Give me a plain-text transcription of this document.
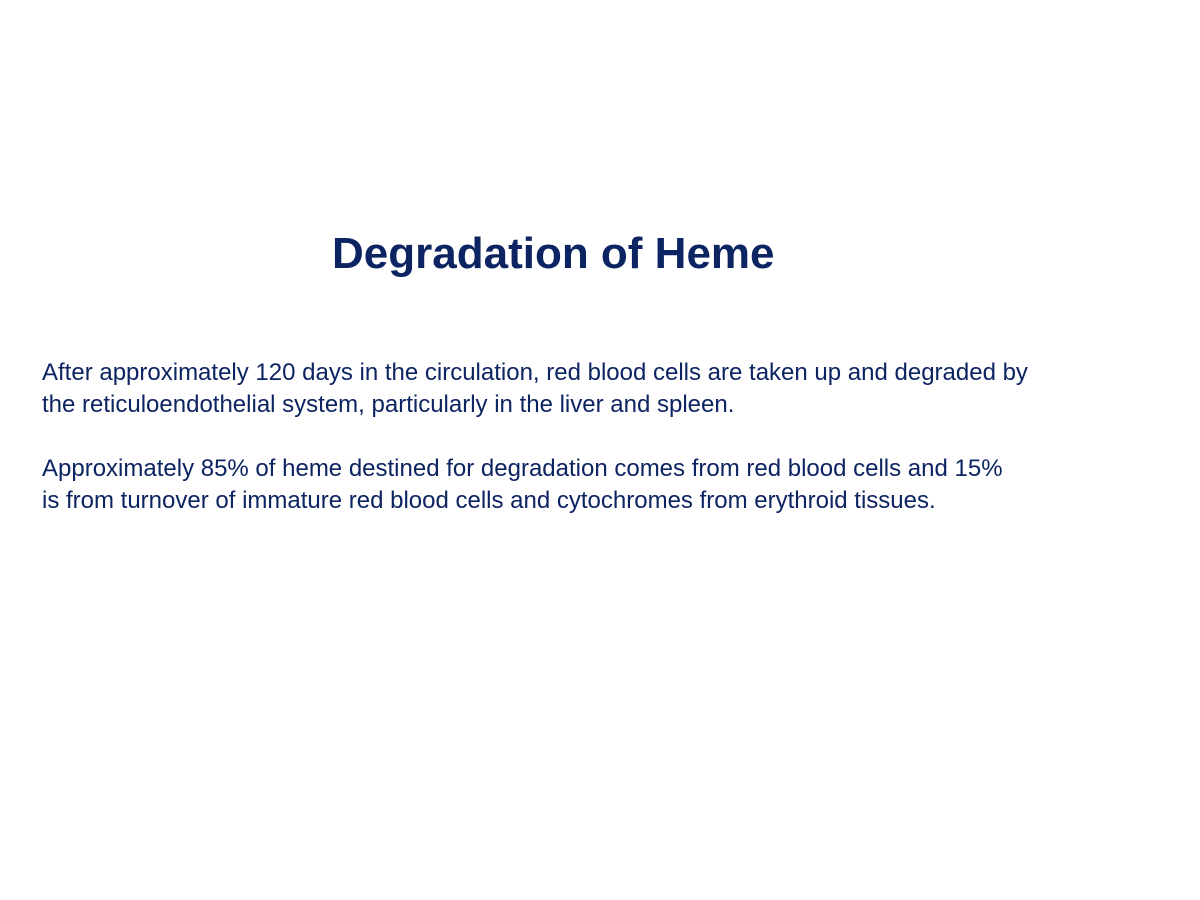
Degradation of Heme

After approximately 120 days in the circulation, red blood cells are taken up and degraded by
the reticuloendothelial system, particularly in the liver and spleen.

Approximately 85% of heme destined for degradation comes from red blood cells and 15%
is from turnover of immature red blood cells and cytochromes from erythroid tissues.
